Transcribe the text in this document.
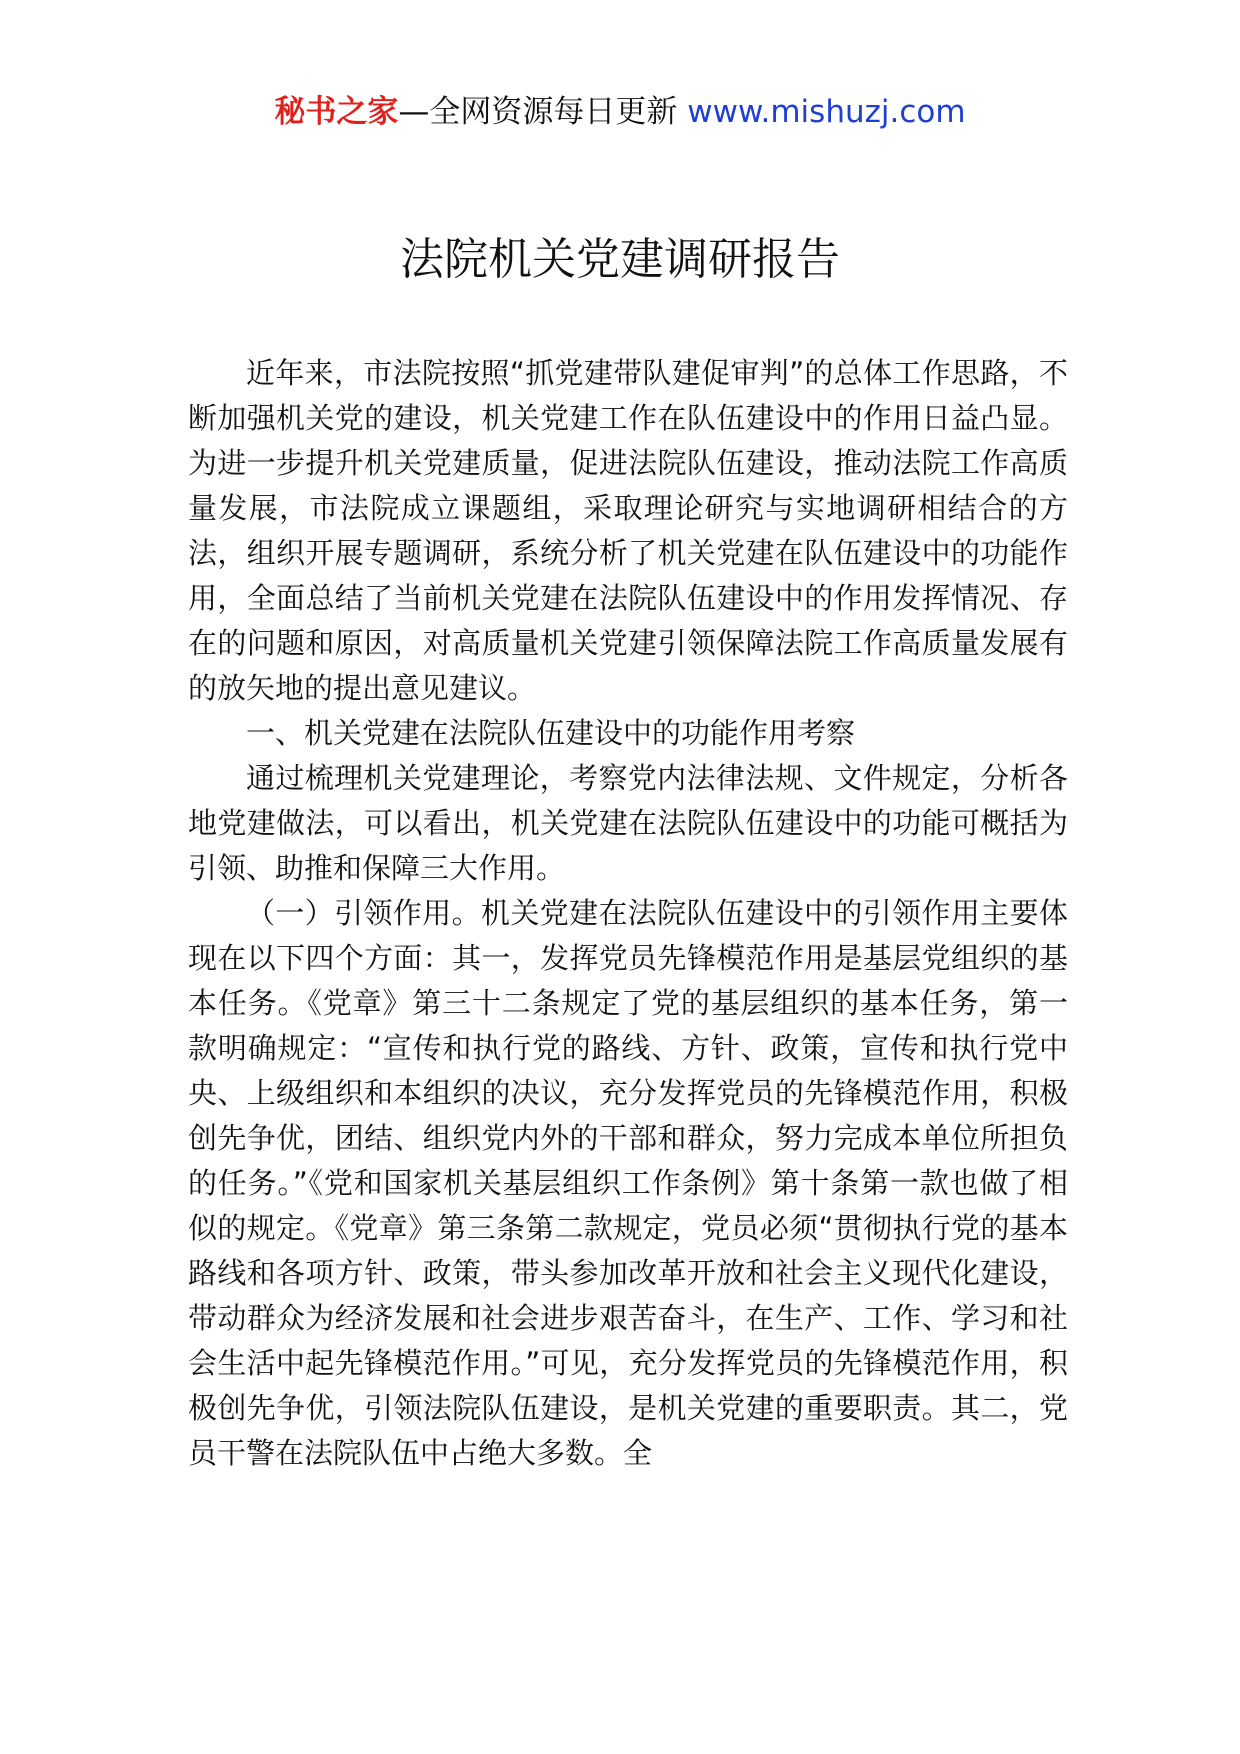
秘书之家—全网资源每日更新 www.mishuzj.com
法院机关党建调研报告

近年来，市法院按照“抓党建带队建促审判”的总体工作思路，不断加强机关党的建设，机关党建工作在队伍建设中的作用日益凸显。为进一步提升机关党建质量，促进法院队伍建设，推动法院工作高质量发展，市法院成立课题组，采取理论研究与实地调研相结合的方法，组织开展专题调研，系统分析了机关党建在队伍建设中的功能作用，全面总结了当前机关党建在法院队伍建设中的作用发挥情况、存在的问题和原因，对高质量机关党建引领保障法院工作高质量发展有的放矢地的提出意见建议。

一、机关党建在法院队伍建设中的功能作用考察

通过梳理机关党建理论，考察党内法律法规、文件规定，分析各地党建做法，可以看出，机关党建在法院队伍建设中的功能可概括为引领、助推和保障三大作用。

（一）引领作用。机关党建在法院队伍建设中的引领作用主要体现在以下四个方面：其一，发挥党员先锋模范作用是基层党组织的基本任务。《党章》第三十二条规定了党的基层组织的基本任务，第一款明确规定：“宣传和执行党的路线、方针、政策，宣传和执行党中央、上级组织和本组织的决议，充分发挥党员的先锋模范作用，积极创先争优，团结、组织党内外的干部和群众，努力完成本单位所担负的任务。”《党和国家机关基层组织工作条例》第十条第一款也做了相似的规定。《党章》第三条第二款规定，党员必须“贯彻执行党的基本路线和各项方针、政策，带头参加改革开放和社会主义现代化建设，带动群众为经济发展和社会进步艰苦奋斗，在生产、工作、学习和社会生活中起先锋模范作用。”可见，充分发挥党员的先锋模范作用，积极创先争优，引领法院队伍建设，是机关党建的重要职责。其二，党员干警在法院队伍中占绝大多数。全
